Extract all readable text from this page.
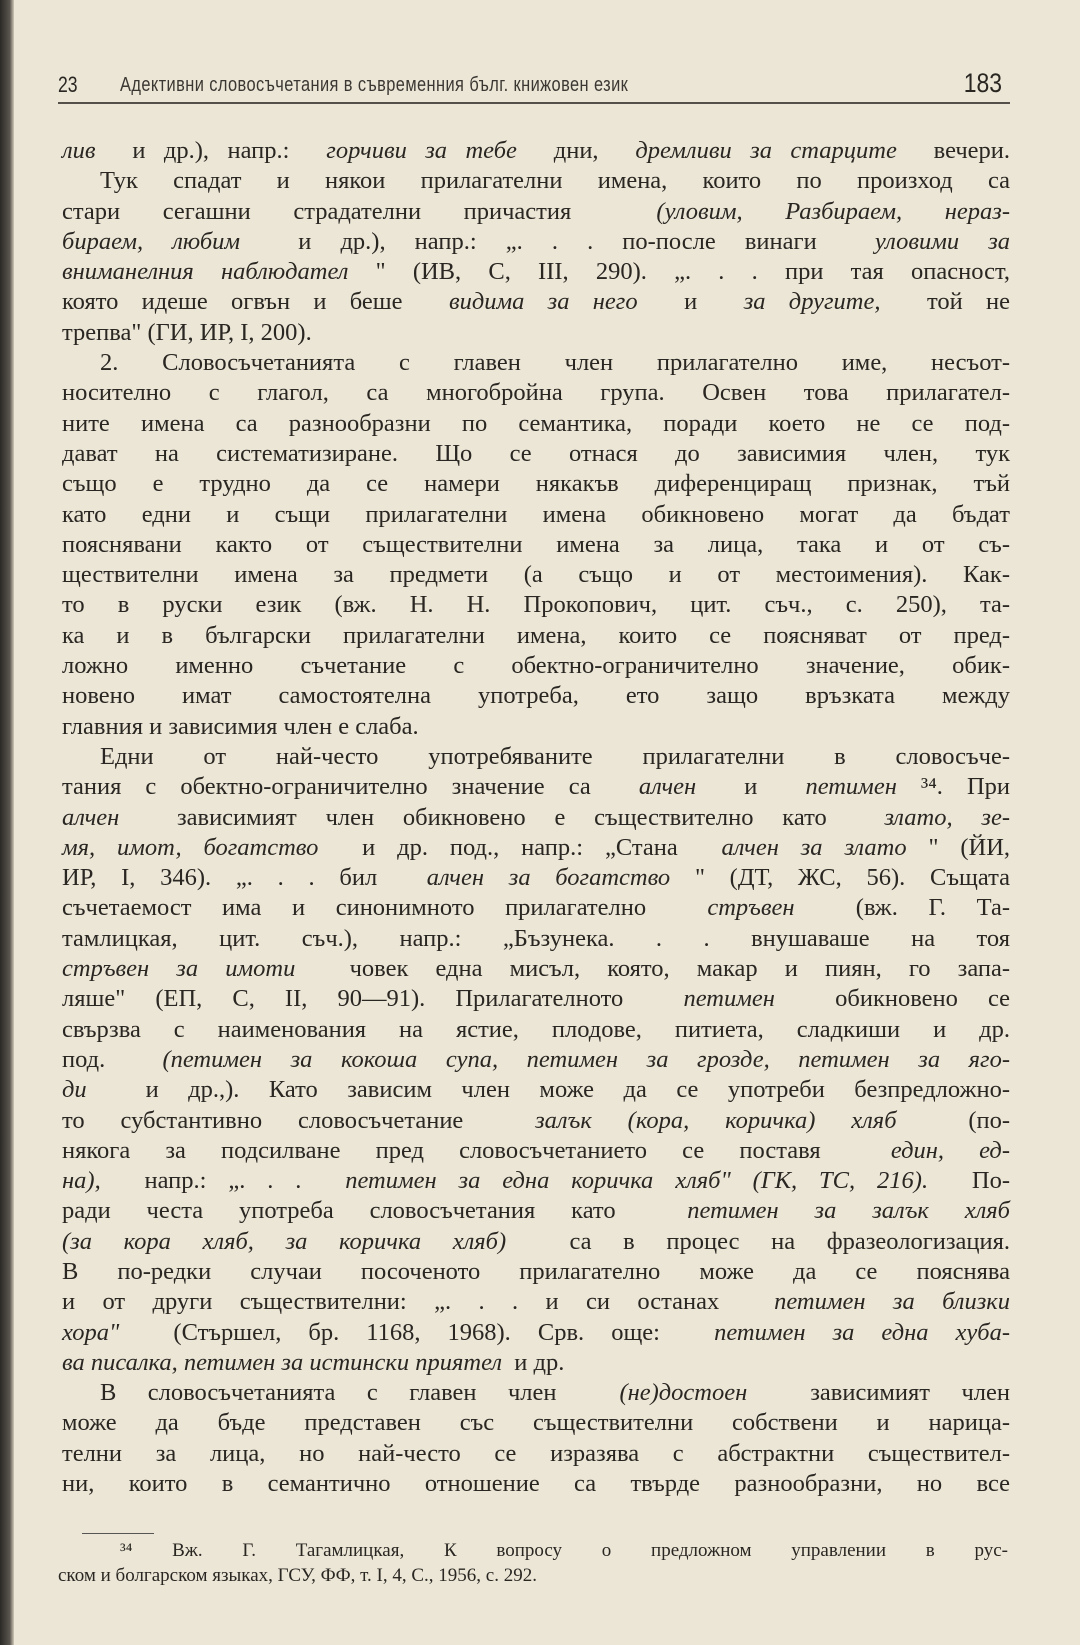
23 Адективни словосъчетания в съвременния бълг. книжовен език	183
лив  и др.), напр.:  горчиви за тебе  дни,  дремливи за старците  вечери.
Тук спадат и някои прилагателни имена, които по произход са
стари сегашни страдателни причастия  (уловим, Разбираем, нераз-
бираем, любим  и др.), напр.: „. . . по-после винаги  уловими за
вниманелния наблюдател " (ИВ, С, III, 290). „. . . при тая опасност,
която идеше огвън и беше  видима за него  и  за другите,  той не
трепва" (ГИ, ИР, I, 200).
2. Словосъчетанията с главен член прилагателно име, несъот-
носително с глагол, са многобройна група. Освен това прилагател-
ните имена са разнообразни по семантика, поради което не се под-
дават на систематизиране. Що се отнася до зависимия член, тук
също е трудно да се намери някакъв диференциращ признак, тъй
като едни и същи прилагателни имена обикновено могат да бъдат
пояснявани както от съществителни имена за лица, така и от съ-
ществителни имена за предмети (а също и от местоимения). Как-
то в руски език (вж. Н. Н. Прокопович, цит. съч., с. 250), та-
ка и в български прилагателни имена, които се поясняват от пред-
ложно именно съчетание с обектно-ограничително значение, обик-
новено имат самостоятелна употреба, ето защо връзката между
главния и зависимия член е слаба.
Едни от най-често употребяваните прилагателни в словосъче-
тания с обектно-ограничително значение са  алчен  и  петимен ³⁴. При
алчен  зависимият член обикновено е съществително като  злато, зе-
мя, имот, богатство  и др. под., напр.: „Стана  алчен за злато " (ЙИ,
ИР, I, 346). „. . . бил  алчен за богатство " (ДТ, ЖС, 56). Същата
съчетаемост има и синонимното прилагателно  стръвен  (вж. Г. Та-
тамлицкая, цит. съч.), напр.: „Бъзунека. . . внушаваше на тоя
стръвен за имоти  човек една мисъл, която, макар и пиян, го запа-
ляше" (ЕП, С, II, 90—91). Прилагателното  петимен  обикновено се
свързва с наименования на ястие, плодове, питиета, сладкиши и др.
под.  (петимен за кокоша супа, петимен за грозде, петимен за яго-
ди  и др.,). Като зависим член може да се употреби безпредложно-
то субстантивно словосъчетание  залък (кора, коричка) хляб  (по-
някога за подсилване пред словосъчетанието се поставя  един, ед-
на),  напр.: „. . .  петимен за една коричка хляб" (ГК, ТС, 216).  По-
ради честа употреба словосъчетания като  петимен за залък хляб
(за кора хляб, за коричка хляб)  са в процес на фразеологизация.
В по-редки случаи посоченото прилагателно може да се пояснява
и от други съществителни: „. . . и си останах  петимен за близки
хора"  (Стършел, бр. 1168, 1968). Срв. още:  петимен за една хуба-
ва писалка, петимен за истински приятел  и др.
В словосъчетанията с главен член  (не)достоен  зависимият член
може да бъде представен със съществителни собствени и нарица-
телни за лица, но най-често се изразява с абстрактни съществител-
ни, които в семантично отношение са твърде разнообразни, но все
³⁴ Вж. Г. Тагамлицкая, К вопросу о предложном управлении в рус-
ском и болгарском языках, ГСУ, ФФ, т. I, 4, С., 1956, с. 292.
